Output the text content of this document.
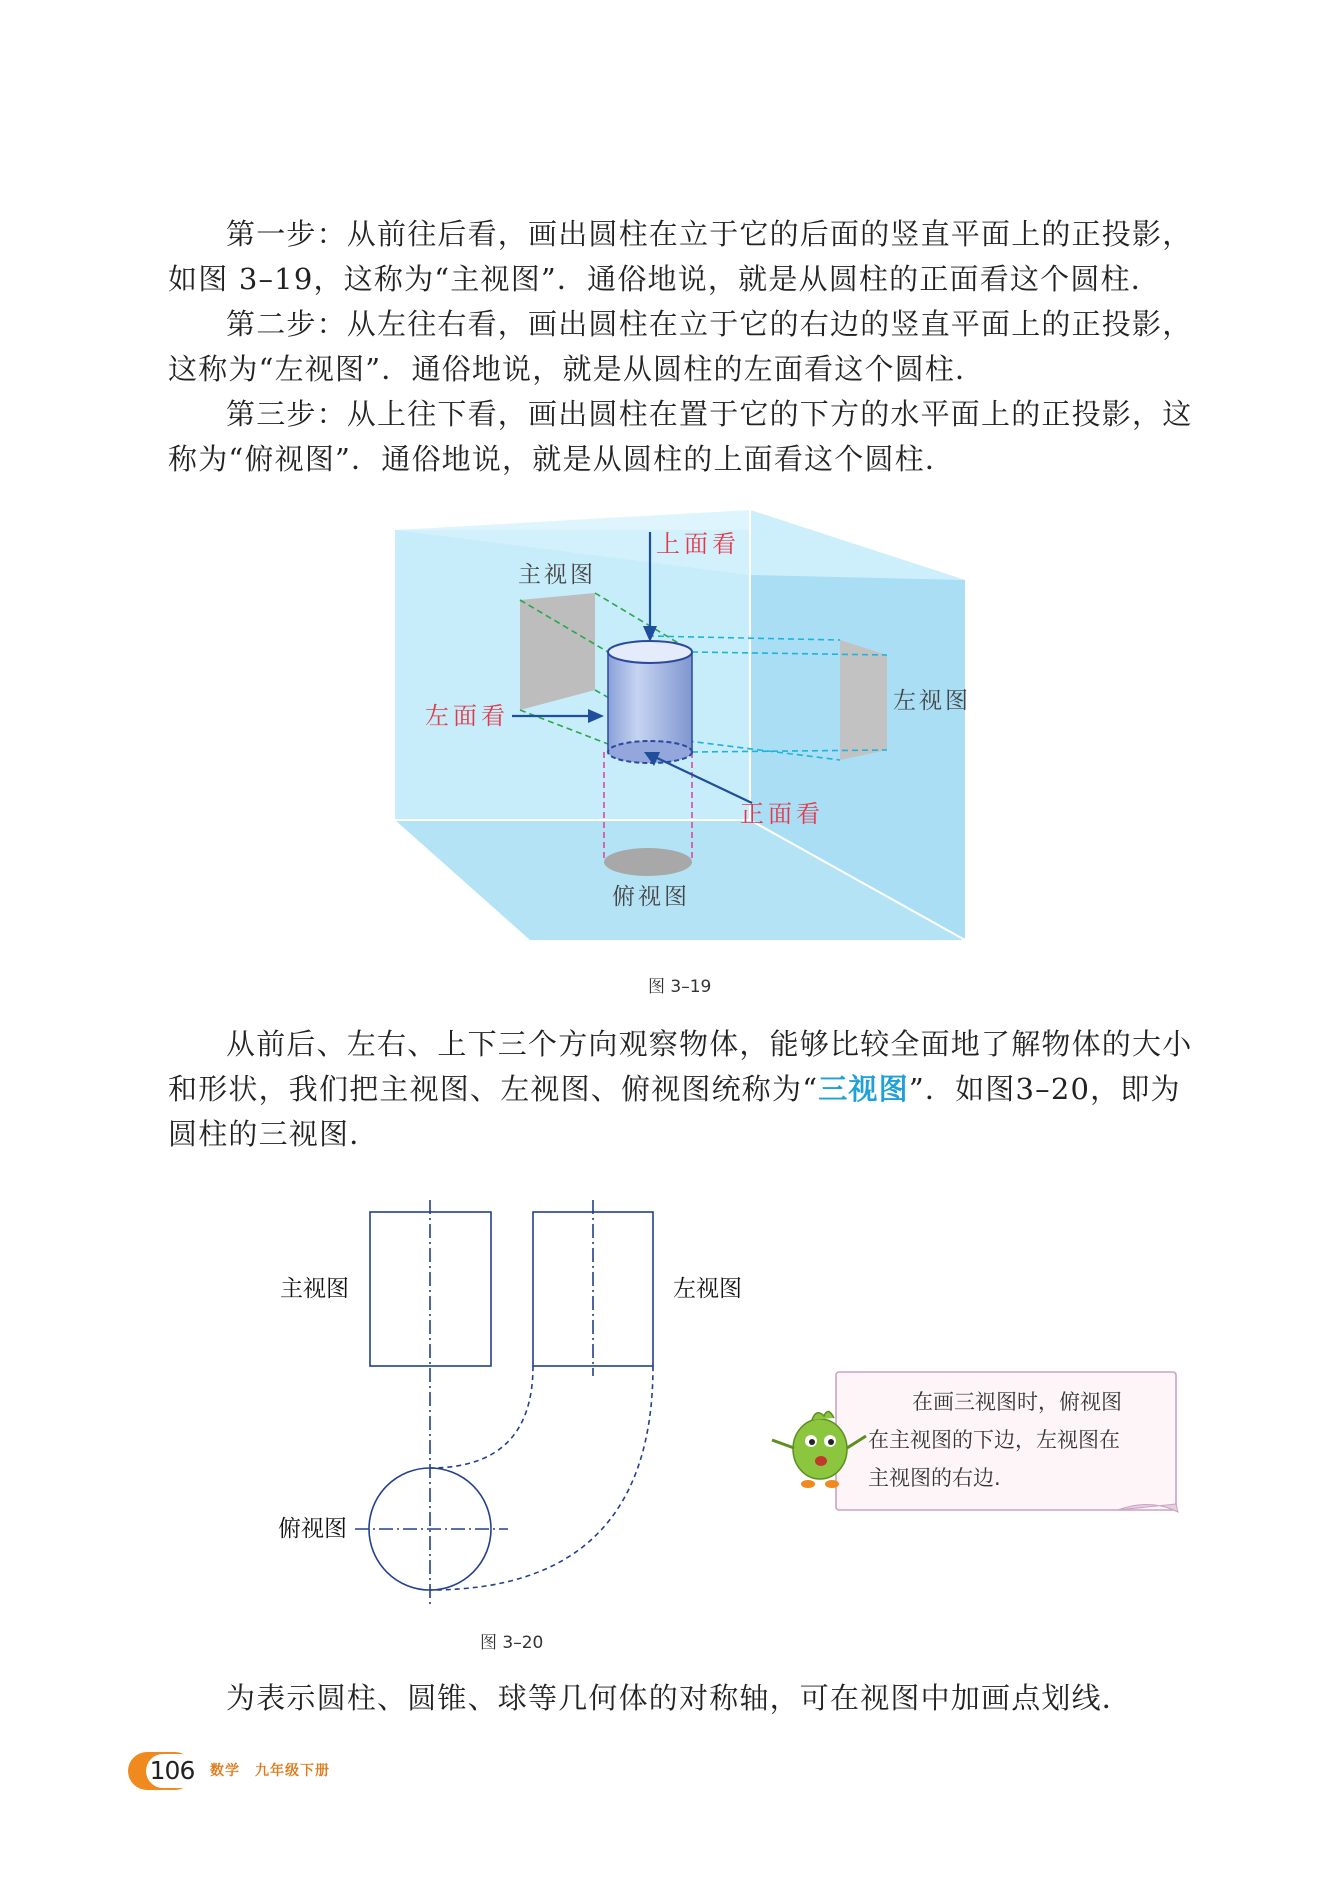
第一步：从前往后看，画出圆柱在立于它的后面的竖直平面上的正投影，
如图 3–19，这称为“主视图”．通俗地说，就是从圆柱的正面看这个圆柱．
第二步：从左往右看，画出圆柱在立于它的右边的竖直平面上的正投影，
这称为“左视图”．通俗地说，就是从圆柱的左面看这个圆柱．
第三步：从上往下看，画出圆柱在置于它的下方的水平面上的正投影，这
称为“俯视图”．通俗地说，就是从圆柱的上面看这个圆柱．
上面看
左面看
正面看
主视图
左视图
俯视图
图 3–19
从前后、左右、上下三个方向观察物体，能够比较全面地了解物体的大小
和形状，我们把主视图、左视图、俯视图统称为“三视图”．如图3–20，即为
圆柱的三视图．
主视图	左视图
俯视图
在画三视图时，俯视图
在主视图的下边，左视图在
主视图的右边.
图 3–20
为表示圆柱、圆锥、球等几何体的对称轴，可在视图中加画点划线．
106 数学　九年级下册
